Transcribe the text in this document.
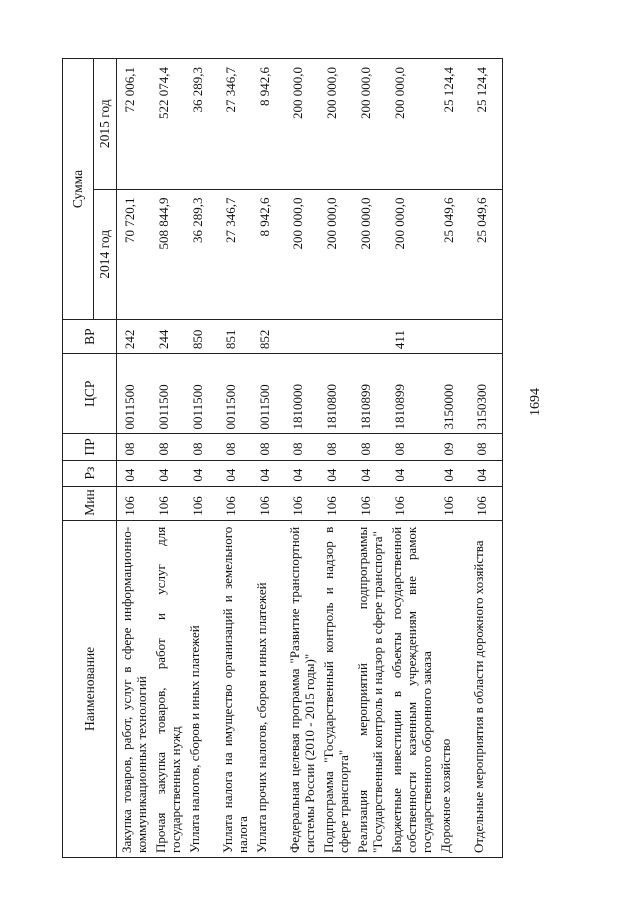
1694
Наименование	Мин	Рз	ПР	ЦСР	ВР	Сумма	
						2014 год	2015 год
Закупка товаров, работ, услуг в сфере информационно-коммуникационных технологий	106	04	08	0011500	242	70 720,1	72 006,1
Прочая закупка товаров, работ и услуг для государственных нужд	106	04	08	0011500	244	508 844,9	522 074,4
Уплата налогов, сборов и иных платежей	106	04	08	0011500	850	36 289,3	36 289,3
Уплата налога на имущество организаций и земельного налога	106	04	08	0011500	851	27 346,7	27 346,7
Уплата прочих налогов, сборов и иных платежей	106	04	08	0011500	852	8 942,6	8 942,6
Федеральная целевая программа "Развитие транспортной системы России (2010 - 2015 годы)"	106	04	08	1810000		200 000,0	200 000,0
Подпрограмма "Государственный контроль и надзор в сфере транспорта"	106	04	08	1810800		200 000,0	200 000,0
Реализация мероприятий подпрограммы "Государственный контроль и надзор в сфере транспорта"	106	04	08	1810899		200 000,0	200 000,0
Бюджетные инвестиции в объекты государственной собственности казенным учреждениям вне рамок государственного оборонного заказа	106	04	08	1810899	411	200 000,0	200 000,0
Дорожное хозяйство	106	04	09	3150000		25 049,6	25 124,4
Отдельные мероприятия в области дорожного хозяйства	106	04	08	3150300		25 049,6	25 124,4
